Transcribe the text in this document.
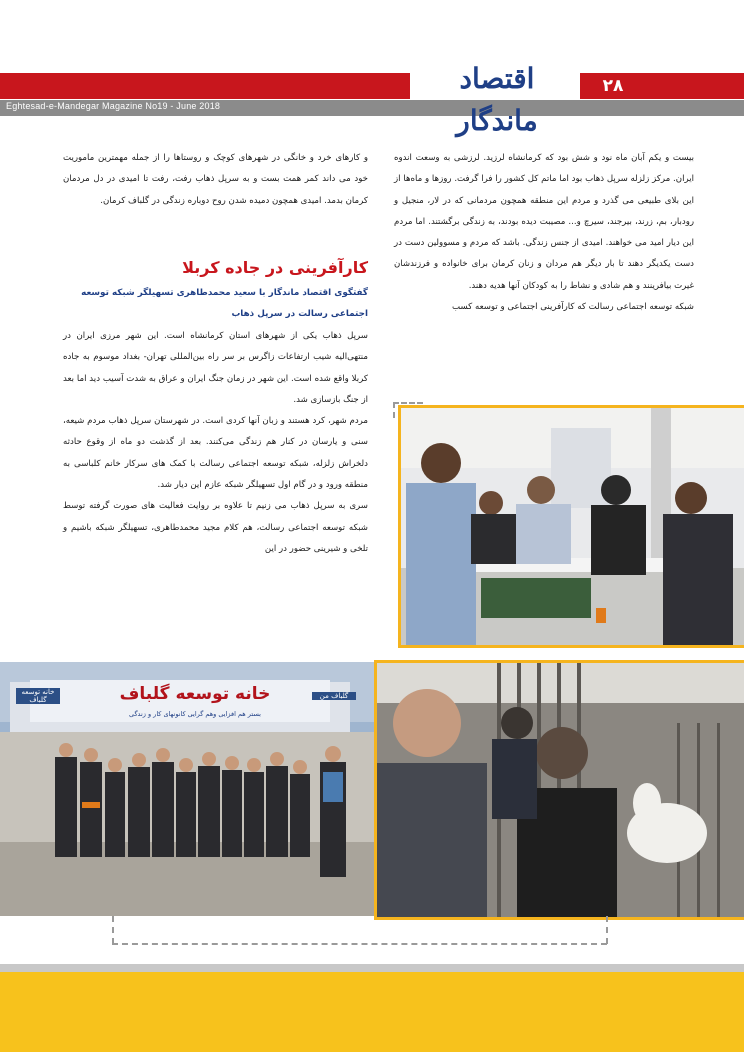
Eghtesad-e-Mandegar Magazine No19 - June 2018
۲۸
اقتصاد ماندگار

بیست و یکم آبان ماه نود و شش بود که کرمانشاه لرزید. لرزشی به وسعت اندوه ایران. مرکز زلزله سرپل ذهاب بود اما ماتم کل کشور را فرا گرفت. روزها و ماه‌ها از این بلای طبیعی می گذرد و مردم این منطقه همچون مردمانی که در لار، منجیل و رودبار، بم، زرند، بیرجند، سیرچ و... مصیبت دیده بودند، به زندگی برگشتند. اما مردم این دیار امید می خواهند. امیدی از جنس زندگی. باشد که مردم و مسوولین دست در دست یکدیگر دهند تا بار دیگر هم مردان و زنان کرمان برای خانواده و فرزندشان غیرت بیافرینند و هم شادی و نشاط را به کودکان آنها هدیه دهند.

شبکه توسعه اجتماعی رسالت که کارآفرینی اجتماعی و توسعه کسب

و کارهای خرد و خانگی در شهرهای کوچک و روستاها را از جمله مهمترین ماموریت خود می داند کمر همت بست و به سرپل ذهاب رفت، رفت تا امیدی در دل مردمان کرمان بدمد. امیدی همچون دمیده شدن روح دوباره زندگی در گلباف کرمان.
کارآفرینی در جاده کربلا
گفتگوی اقتصاد ماندگار با سعید محمدطاهری تسهیلگر شبکه توسعه اجتماعی رسالت در سرپل ذهاب

سرپل ذهاب یکی از شهرهای استان کرمانشاه است. این شهر مرزی ایران در منتهی‌الیه شیب ارتفاعات زاگرس بر سر راه بین‌المللی تهران- بغداد موسوم به جاده کربلا واقع شده است. این شهر در زمان جنگ ایران و عراق به شدت آسیب دید اما بعد از جنگ بازسازی شد.

مردم شهر، کرد هستند و زبان آنها کردی است. در شهرستان سرپل ذهاب مردم شیعه، سنی و یارسان در کنار هم زندگی می‌کنند. بعد از گذشت دو ماه از وقوع حادثه دلخراش زلزله، شبکه توسعه اجتماعی رسالت با کمک های سرکار خانم کلباسی به منطقه ورود و در گام اول تسهیلگر شبکه عازم این دیار شد.

سری به سرپل ذهاب می زنیم تا علاوه بر روایت فعالیت های صورت گرفته توسط شبکه توسعه اجتماعی رسالت، هم کلام مجید محمدطاهری، تسهیلگر شبکه باشیم و تلخی و شیرینی حضور در این

خانه توسعه گلباف
بستر هم افزایی وهم گرایی کانونهای کار و زندگی
گلباف من
خانه توسعه گلباف
